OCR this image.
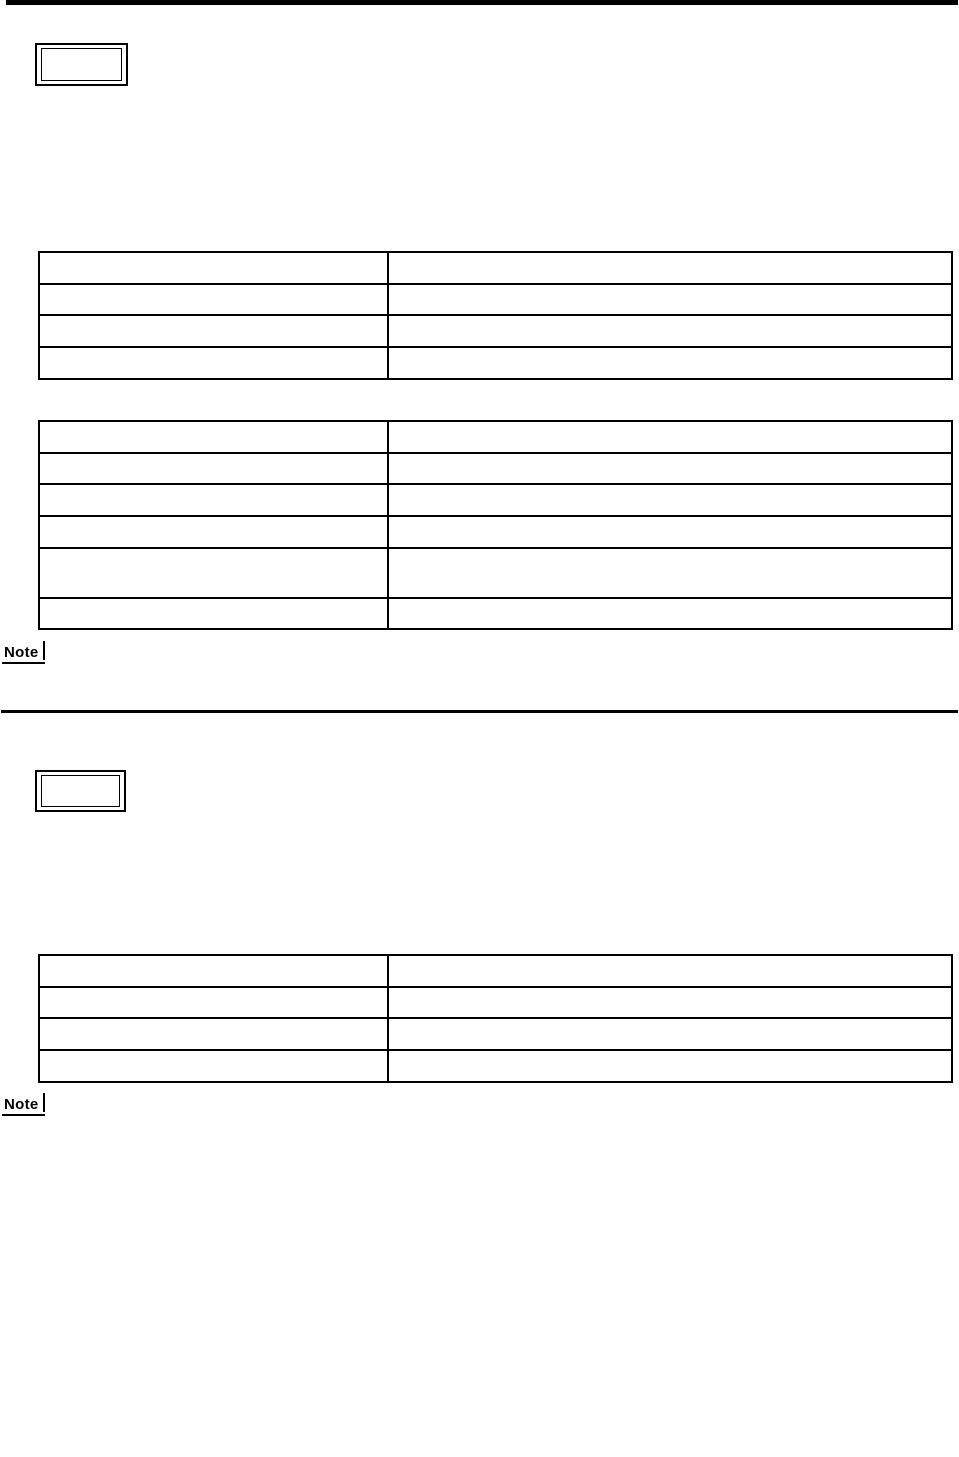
Note

Note
